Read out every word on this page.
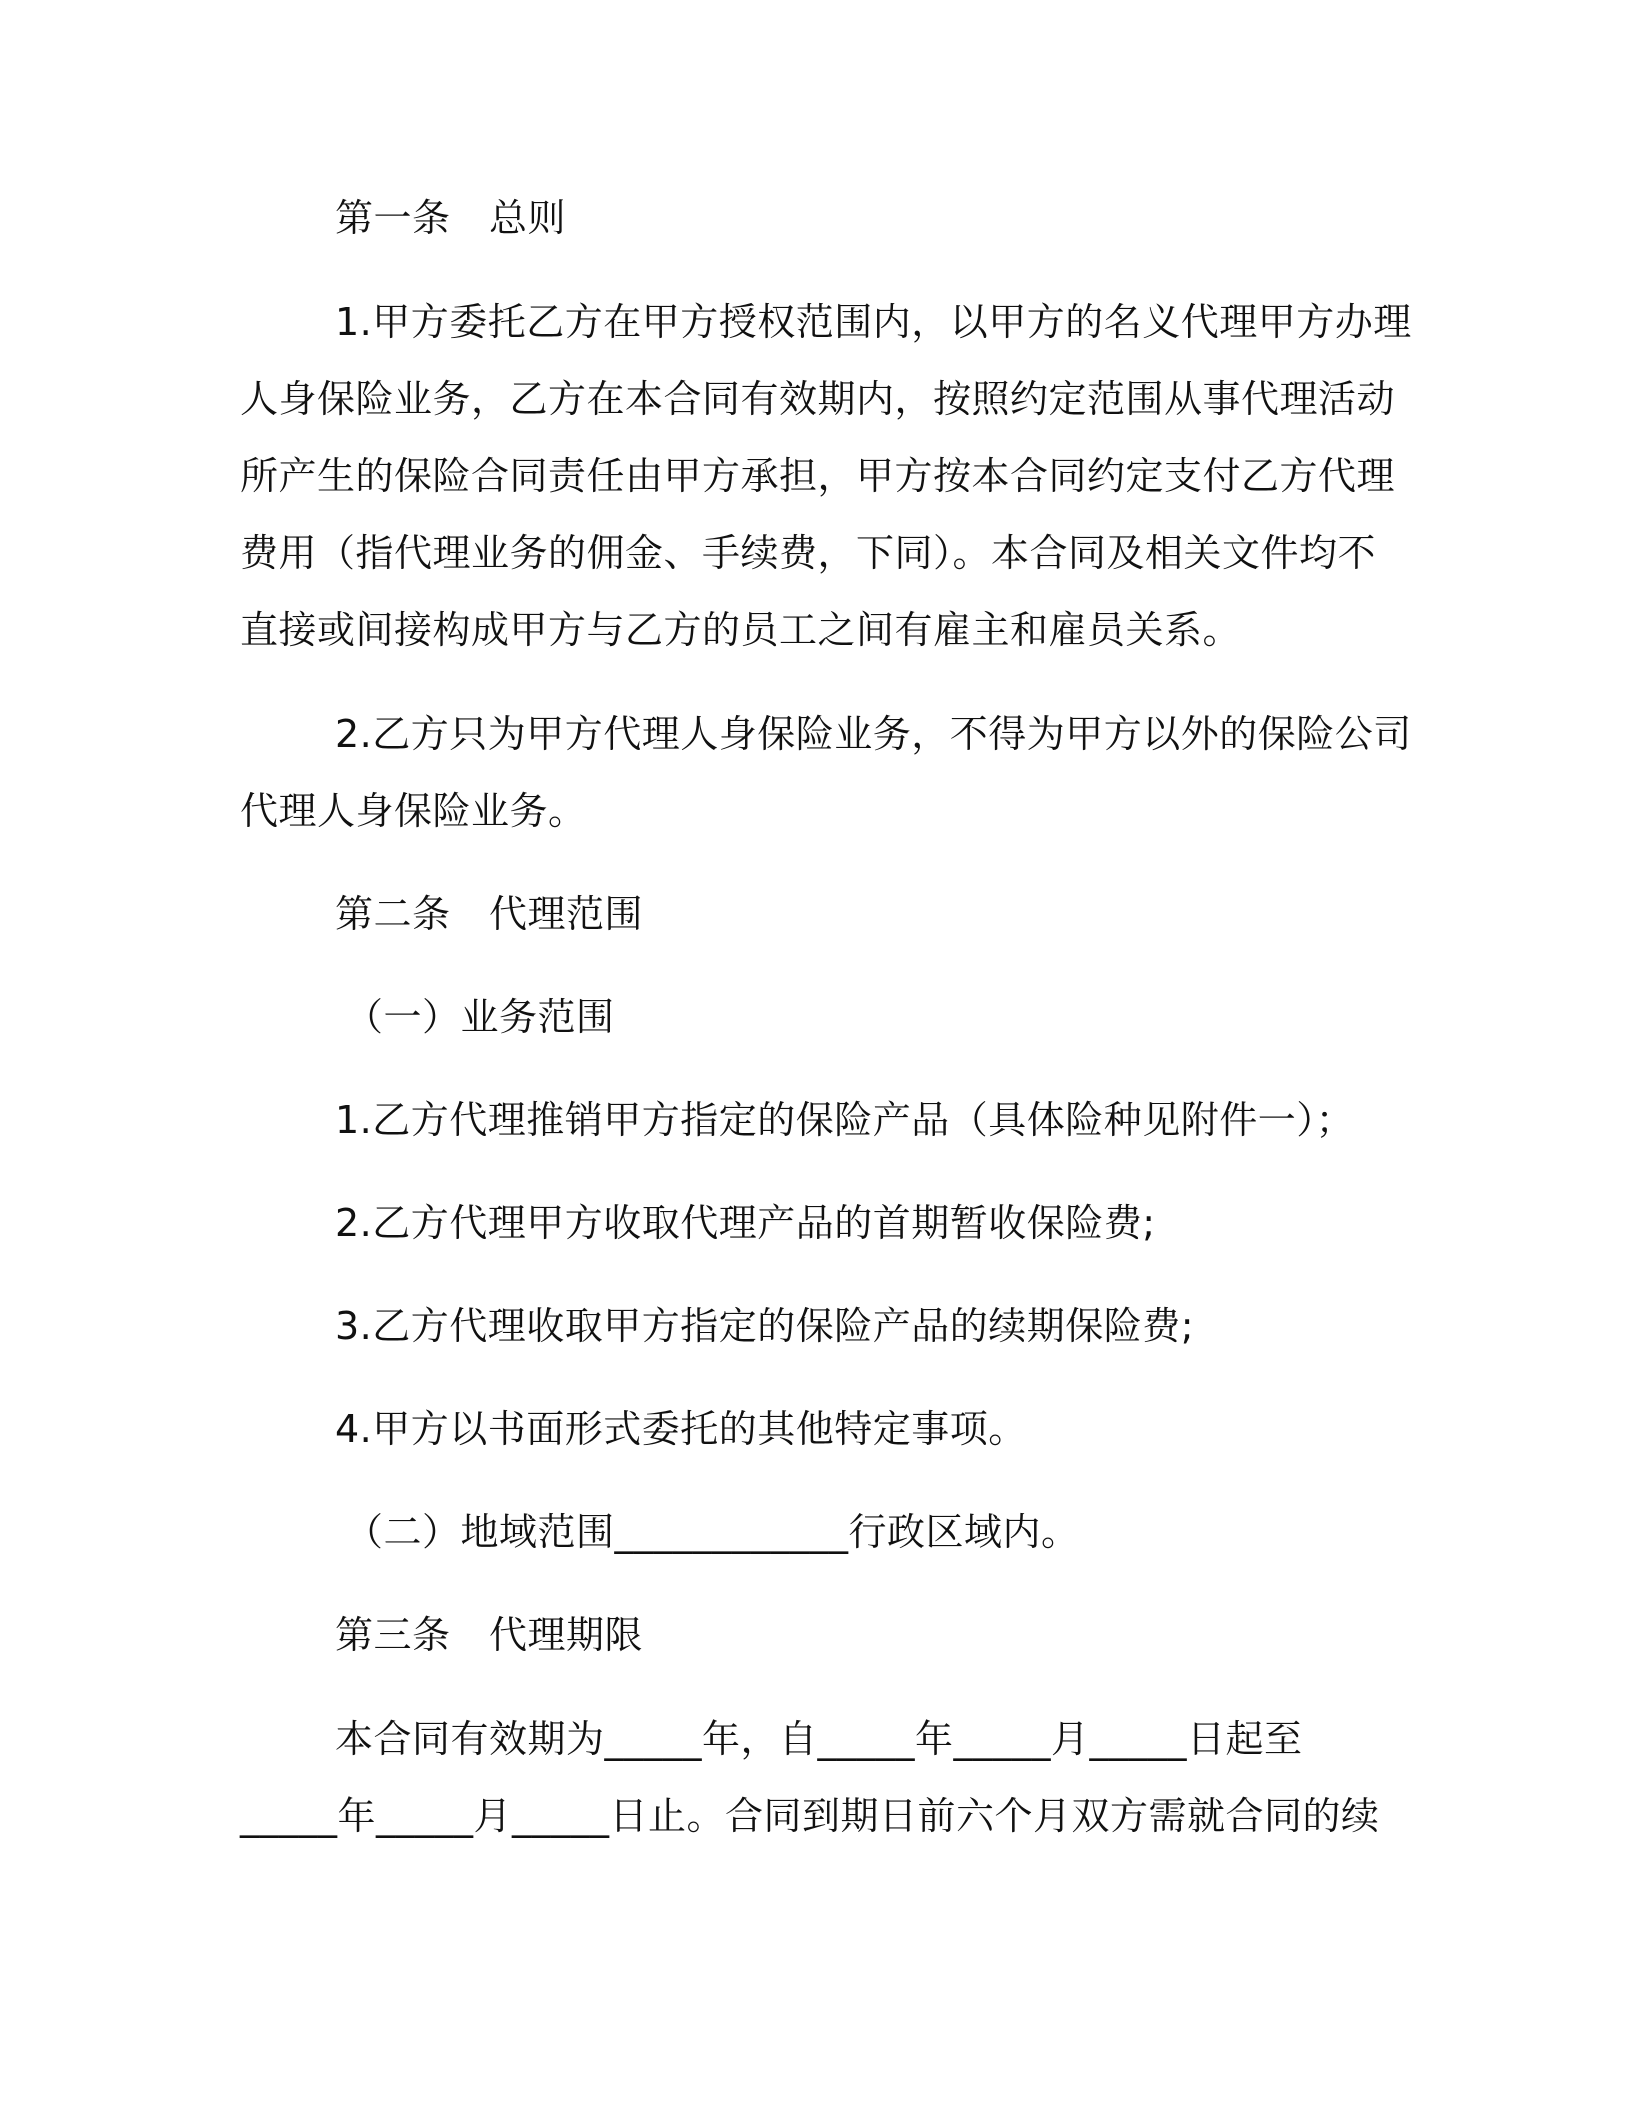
第一条　总则
1.甲方委托乙方在甲方授权范围内，以甲方的名义代理甲方办理
人身保险业务，乙方在本合同有效期内，按照约定范围从事代理活动
所产生的保险合同责任由甲方承担，甲方按本合同约定支付乙方代理
费用（指代理业务的佣金、手续费，下同）。本合同及相关文件均不
直接或间接构成甲方与乙方的员工之间有雇主和雇员关系。
2.乙方只为甲方代理人身保险业务，不得为甲方以外的保险公司
代理人身保险业务。
第二条　代理范围
（一）业务范围
1.乙方代理推销甲方指定的保险产品（具体险种见附件一）；
2.乙方代理甲方收取代理产品的首期暂收保险费;
3.乙方代理收取甲方指定的保险产品的续期保险费;
4.甲方以书面形式委托的其他特定事项。
（二）地域范围____________行政区域内。
第三条　代理期限
本合同有效期为_____年，自_____年_____月_____日起至
_____年_____月_____日止。合同到期日前六个月双方需就合同的续
